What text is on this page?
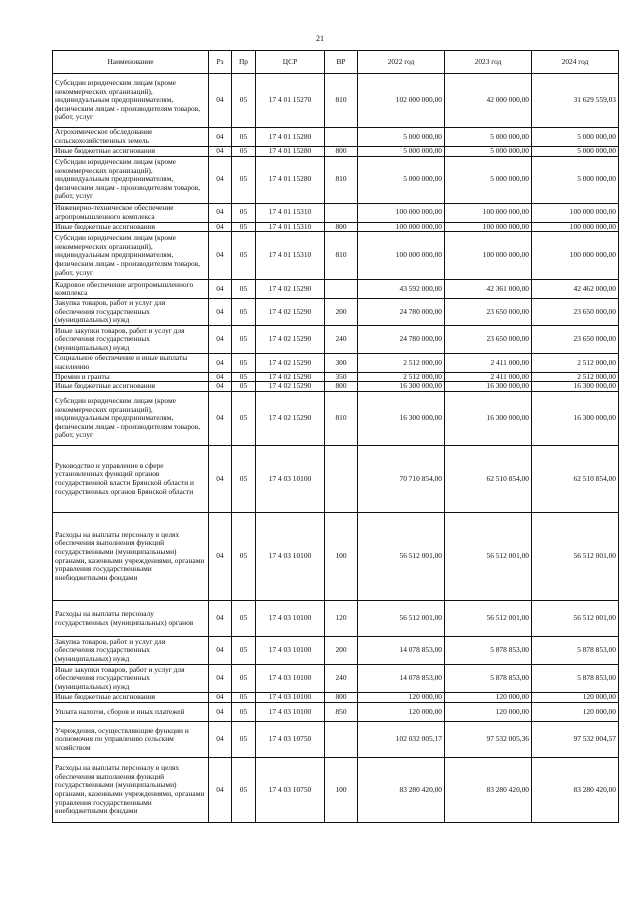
21
Наименование	Рз	Пр	ЦСР	ВР	2022 год	2023 год	2024 год
Субсидии юридическим лицам (кроме некоммерческих организаций), индивидуальным предпринимателям, физическим лицам - производителям товаров, работ, услуг	04	05	17 4 01 15270	810	102 000 000,00	42 000 000,00	31 629 559,03
Агрохимическое обследование сельскохозяйственных земель	04	05	17 4 01 15280		5 000 000,00	5 000 000,00	5 000 000,00
Иные бюджетные ассигнования	04	05	17 4 01 15280	800	5 000 000,00	5 000 000,00	5 000 000,00
Субсидии юридическим лицам (кроме некоммерческих организаций), индивидуальным предпринимателям, физическим лицам - производителям товаров, работ, услуг	04	05	17 4 01 15280	810	5 000 000,00	5 000 000,00	5 000 000,00
Инженерно-техническое обеспечение агропромышленного комплекса	04	05	17 4 01 15310		100 000 000,00	100 000 000,00	100 000 000,00
Иные бюджетные ассигнования	04	05	17 4 01 15310	800	100 000 000,00	100 000 000,00	100 000 000,00
Субсидии юридическим лицам (кроме некоммерческих организаций), индивидуальным предпринимателям, физическим лицам - производителям товаров, работ, услуг	04	05	17 4 01 15310	810	100 000 000,00	100 000 000,00	100 000 000,00
Кадровое обеспечение агропромышленного комплекса	04	05	17 4 02 15290		43 592 000,00	42 361 000,00	42 462 000,00
Закупка товаров, работ и услуг для обеспечения государственных (муниципальных) нужд	04	05	17 4 02 15290	200	24 780 000,00	23 650 000,00	23 650 000,00
Иные закупки товаров, работ и услуг для обеспечения государственных (муниципальных) нужд	04	05	17 4 02 15290	240	24 780 000,00	23 650 000,00	23 650 000,00
Социальное обеспечение и иные выплаты населению	04	05	17 4 02 15290	300	2 512 000,00	2 411 000,00	2 512 000,00
Премии и гранты	04	05	17 4 02 15290	350	2 512 000,00	2 411 000,00	2 512 000,00
Иные бюджетные ассигнования	04	05	17 4 02 15290	800	16 300 000,00	16 300 000,00	16 300 000,00
Субсидии юридическим лицам (кроме некоммерческих организаций), индивидуальным предпринимателям, физическим лицам - производителям товаров, работ, услуг	04	05	17 4 02 15290	810	16 300 000,00	16 300 000,00	16 300 000,00
Руководство и управление в сфере установленных функций органов государственной власти Брянской области и государственных органов Брянской области	04	05	17 4 03 10100		70 710 854,00	62 510 854,00	62 510 854,00
Расходы на выплаты персоналу в целях обеспечения выполнения функций государственными (муниципальными) органами, казенными учреждениями, органами управления государственными внебюджетными фондами	04	05	17 4 03 10100	100	56 512 001,00	56 512 001,00	56 512 001,00
Расходы на выплаты персоналу государственных (муниципальных) органов	04	05	17 4 03 10100	120	56 512 001,00	56 512 001,00	56 512 001,00
Закупка товаров, работ и услуг для обеспечения государственных (муниципальных) нужд	04	05	17 4 03 10100	200	14 078 853,00	5 878 853,00	5 878 853,00
Иные закупки товаров, работ и услуг для обеспечения государственных (муниципальных) нужд	04	05	17 4 03 10100	240	14 078 853,00	5 878 853,00	5 878 853,00
Иные бюджетные ассигнования	04	05	17 4 03 10100	800	120 000,00	120 000,00	120 000,00
Уплата налогов, сборов и иных платежей	04	05	17 4 03 10100	850	120 000,00	120 000,00	120 000,00
Учреждения, осуществляющие функции и полномочия по управлению сельским хозяйством	04	05	17 4 03 10750		102 032 005,17	97 532 005,36	97 532 004,57
Расходы на выплаты персоналу в целях обеспечения выполнения функций государственными (муниципальными) органами, казенными учреждениями, органами управления государственными внебюджетными фондами	04	05	17 4 03 10750	100	83 280 420,00	83 280 420,00	83 280 420,00
